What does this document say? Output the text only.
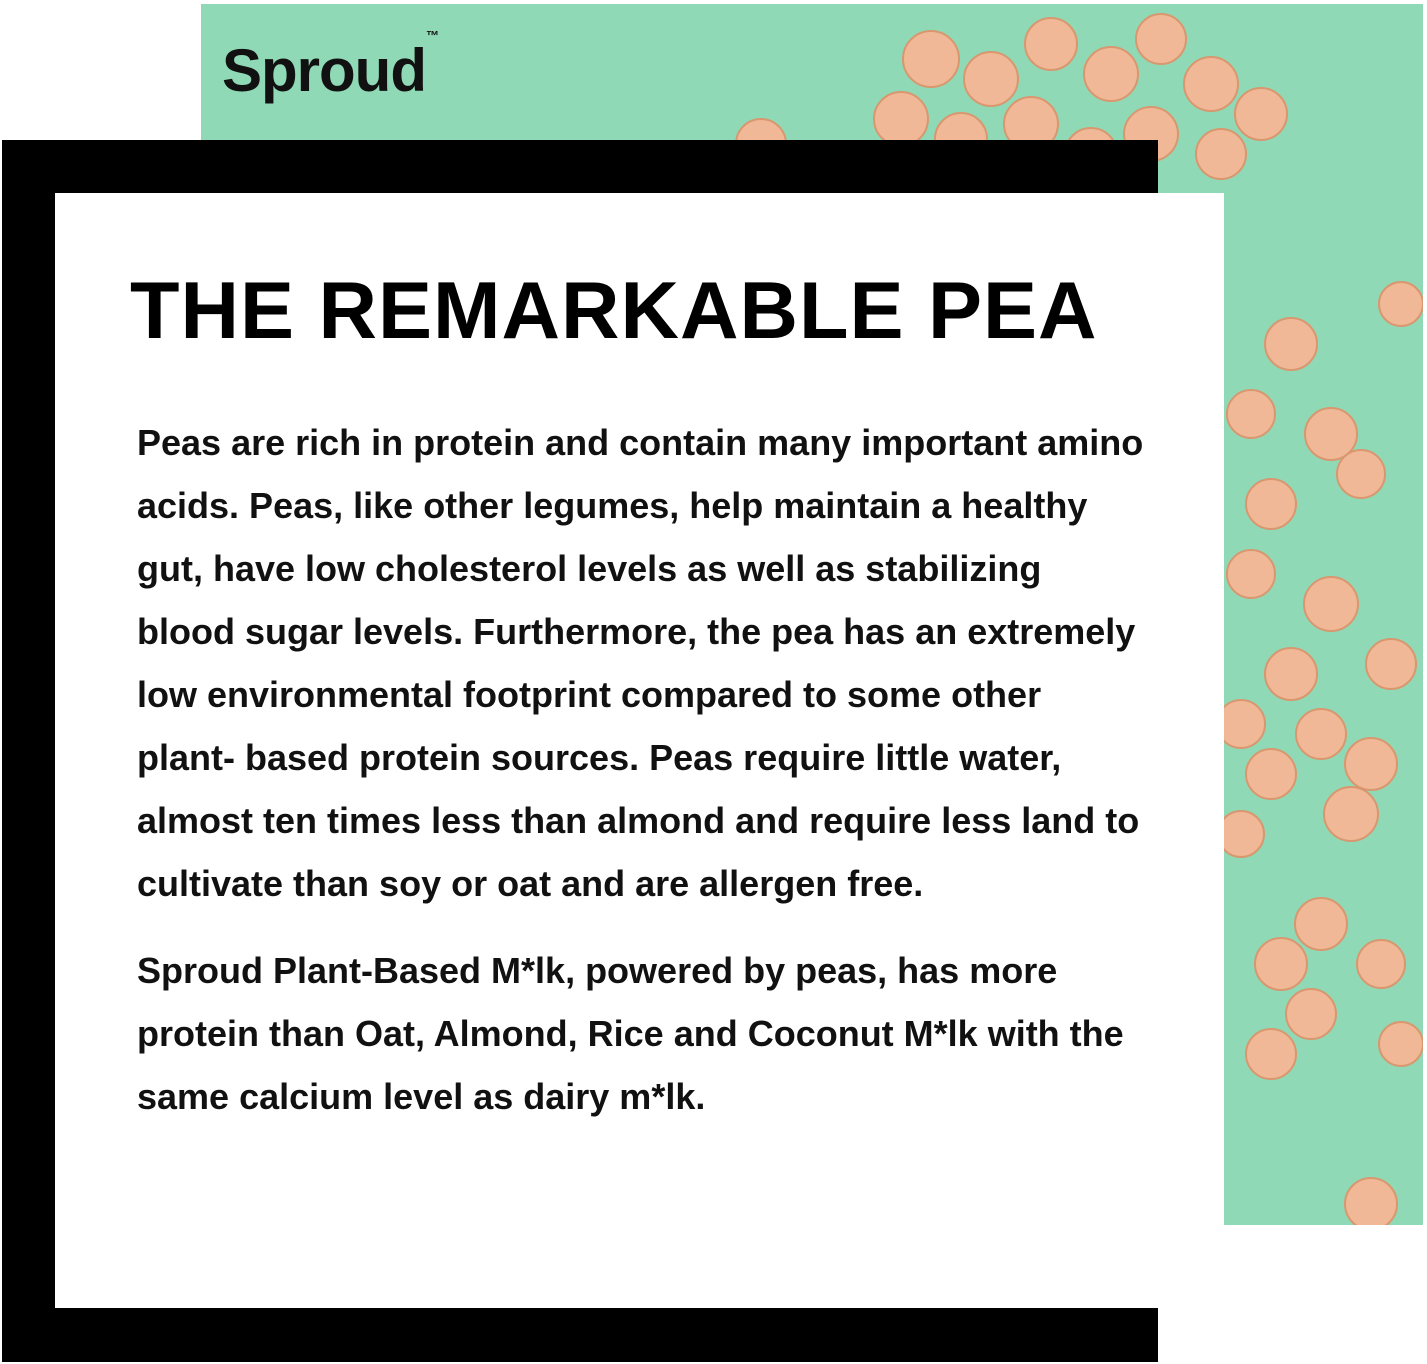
Sproud™
THE REMARKABLE PEA

Peas are rich in protein and contain many important amino acids. Peas, like other legumes, help maintain a healthy gut, have low cholesterol levels as well as stabilizing blood sugar levels. Furthermore, the pea has an extremely low environmental footprint compared to some other plant- based protein sources. Peas require little water, almost ten times less than almond and require less land to cultivate than soy or oat and are allergen free.

Sproud Plant-Based M*lk, powered by peas, has more protein than Oat, Almond, Rice and Coconut M*lk with the same calcium level as dairy m*lk.
